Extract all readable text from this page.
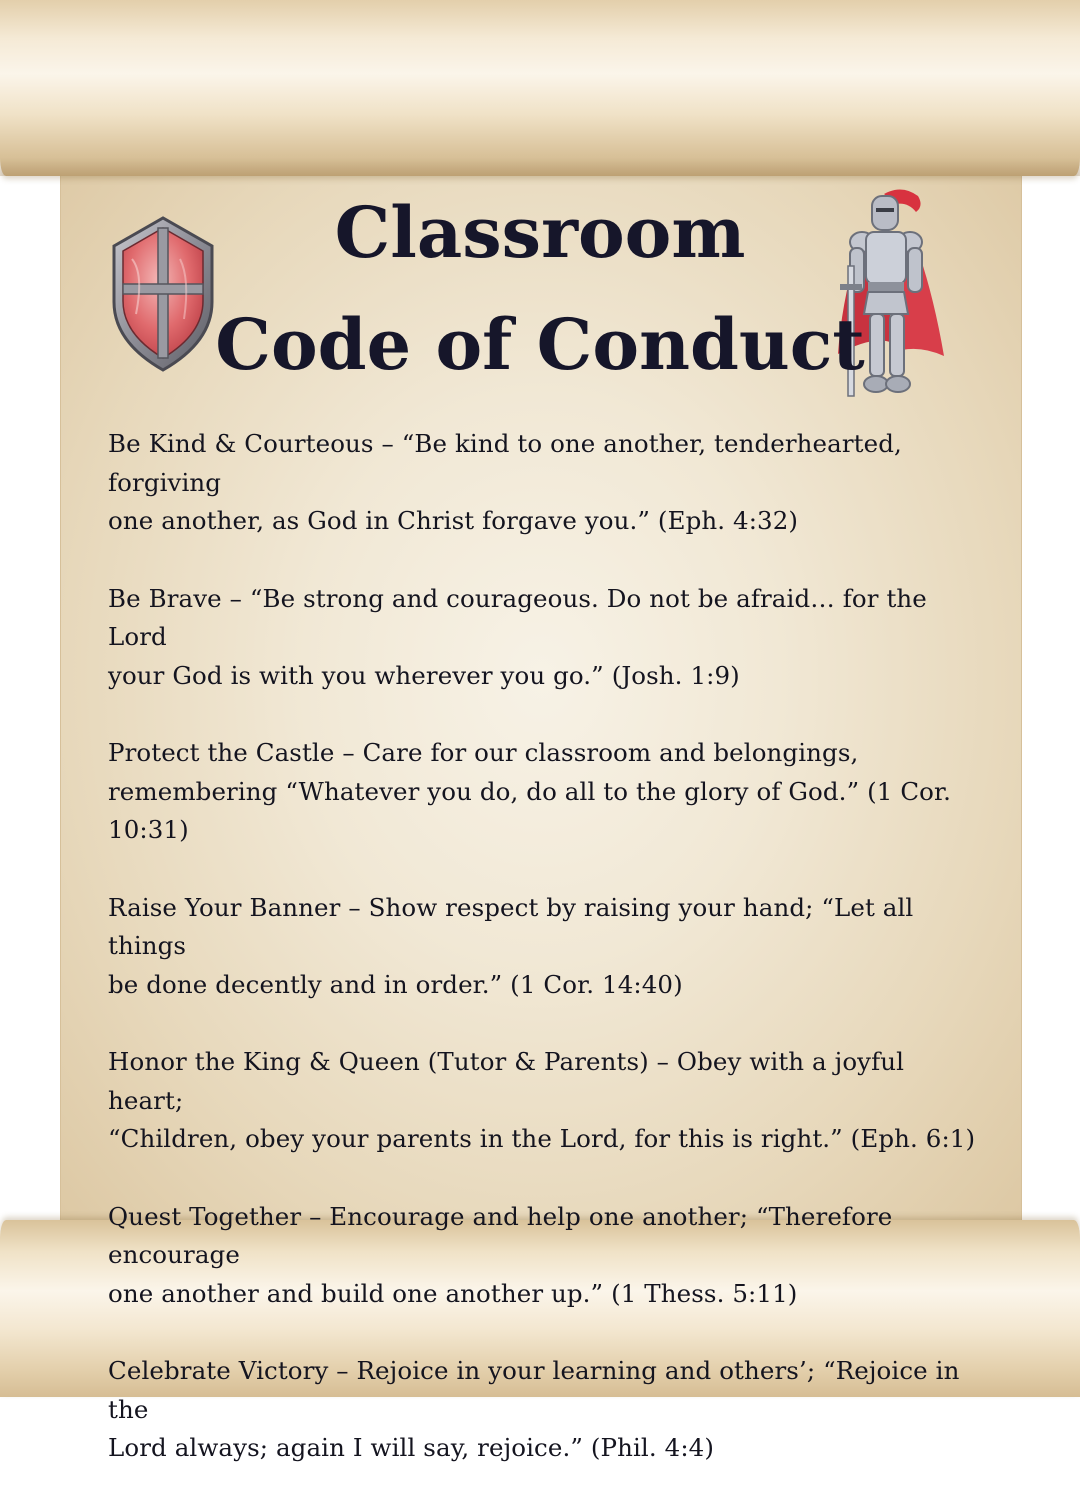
Classroom
Code of Conduct
Be Kind & Courteous – “Be kind to one another, tenderhearted, forgiving
one another, as God in Christ forgave you.” (Eph. 4:32)
Be Brave – “Be strong and courageous. Do not be afraid… for the Lord
your God is with you wherever you go.” (Josh. 1:9)
Protect the Castle – Care for our classroom and belongings,
remembering “Whatever you do, do all to the glory of God.” (1 Cor. 10:31)
Raise Your Banner – Show respect by raising your hand; “Let all things
be done decently and in order.” (1 Cor. 14:40)
Honor the King & Queen (Tutor & Parents) – Obey with a joyful heart;
“Children, obey your parents in the Lord, for this is right.” (Eph. 6:1)
Quest Together – Encourage and help one another; “Therefore encourage
one another and build one another up.” (1 Thess. 5:11)
Celebrate Victory – Rejoice in your learning and others’; “Rejoice in the
Lord always; again I will say, rejoice.” (Phil. 4:4)
